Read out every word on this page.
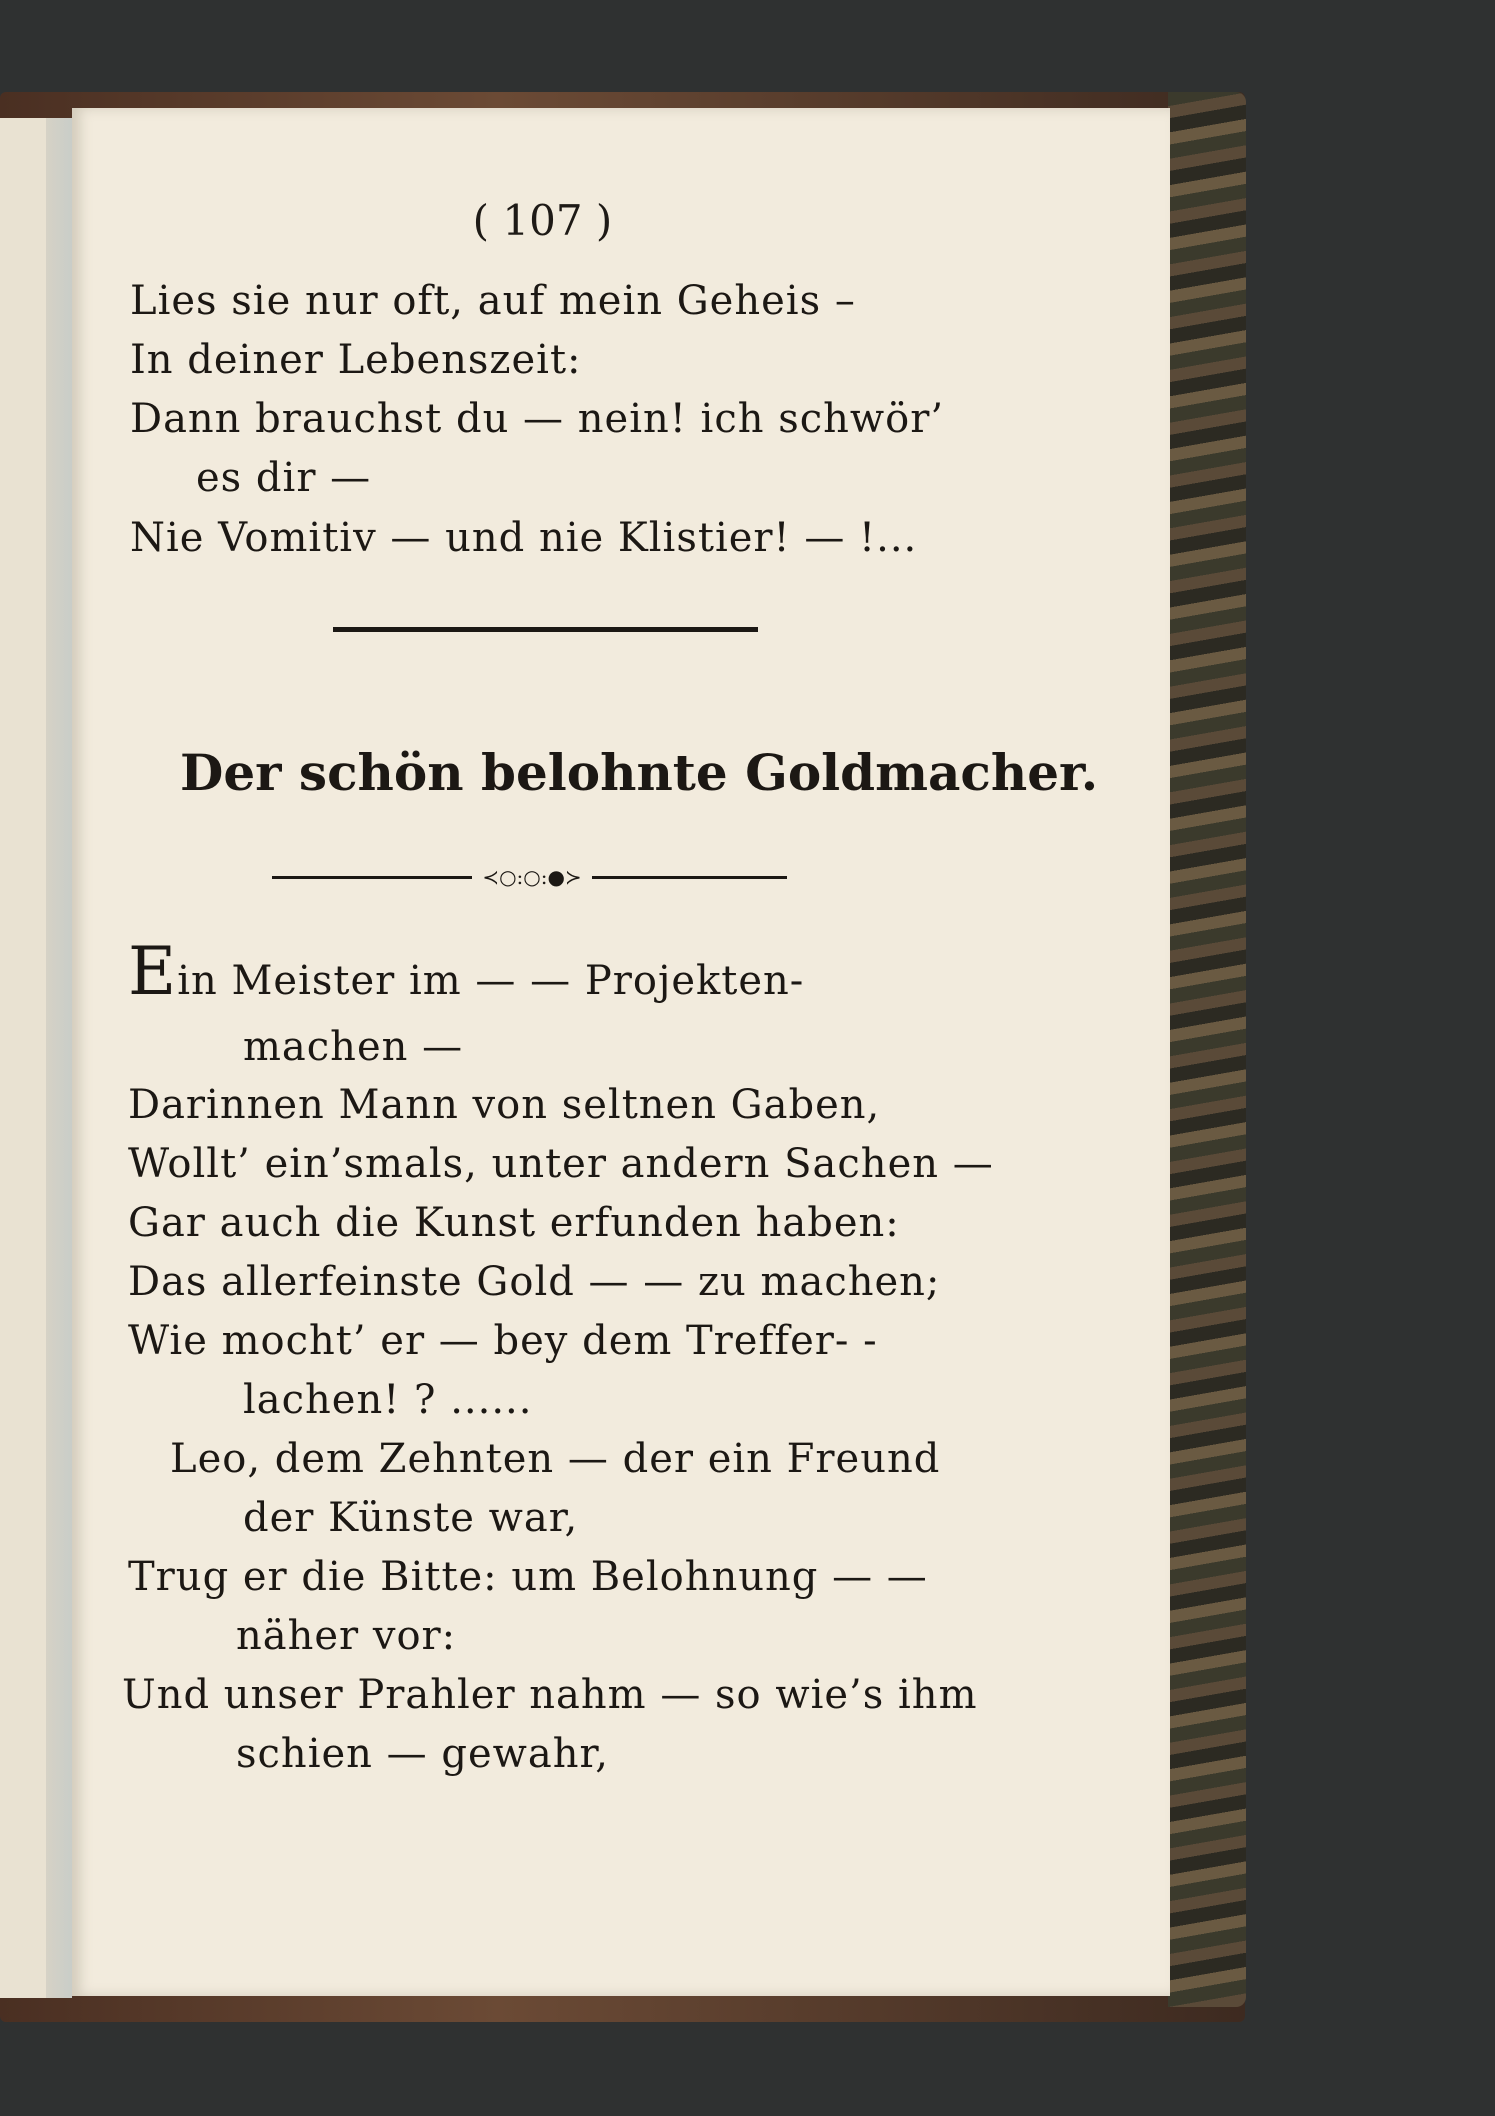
( 107 )
Lies sie nur oft, auf mein Geheis –
In deiner Lebenszeit:
Dann brauchst du — nein! ich schwör’
es dir —
Nie Vomitiv — und nie Klistier! — !...
Der schön belohnte Goldmacher.
≺○:○:●≻
Ein Meister im — — Projekten-
machen —
Darinnen Mann von seltnen Gaben,
Wollt’ ein’smals, unter andern Sachen —
Gar auch die Kunst erfunden haben:
Das allerfeinste Gold — — zu machen;
Wie mocht’ er — bey dem Treffer- -
lachen! ? ......
Leo, dem Zehnten — der ein Freund
der Künste war,
Trug er die Bitte: um Belohnung — —
näher vor:
Und unser Prahler nahm — so wie’s ihm
schien — gewahr,
